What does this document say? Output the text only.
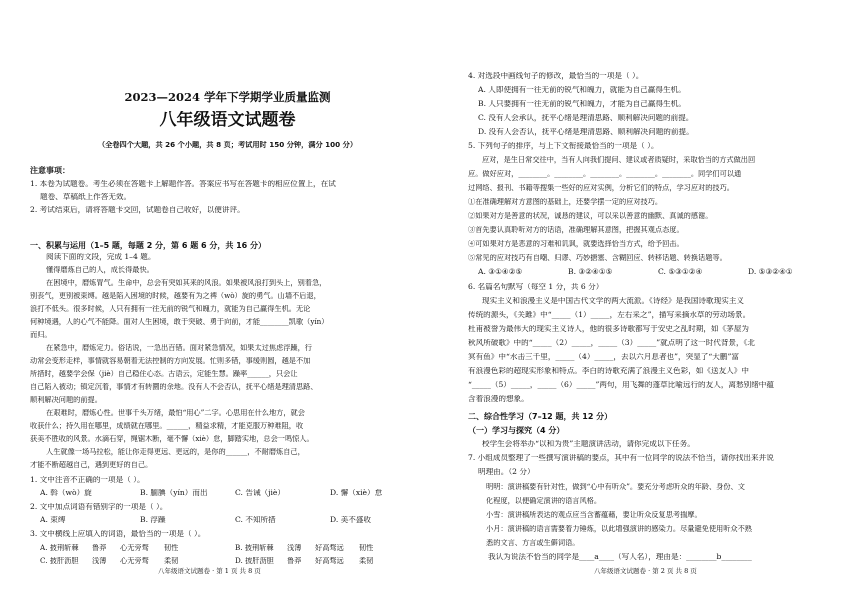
2023—2024 学年下学期学业质量监测
八年级语文试题卷
（全卷四个大题，共 26 个小题，共 8 页；考试用时 150 分钟，满分 100 分）
注意事项：
1. 本卷为试题卷。考生必须在答题卡上解题作答。答案应书写在答题卡的相应位置上，在试
题卷、草稿纸上作答无效。
2. 考试结束后，请将答题卡交回，试题卷自己收好，以便讲评。
一、积累与运用（1–5 题，每题 2 分，第 6 题 6 分，共 16 分）
阅读下面的文段，完成 1–4 题。
懂得磨炼自己的人，成长得最快。
在困境中，磨炼胃气。生命中，总会有突如其来的风浪。如果被风浪打到头上，别着急，
别丧气，更别被束缚。越是陷入困境的时候，越要有为之裨（wò）旋的勇气。山墙不后退，
浪打不低头。很多时候，人只有拥有一往无前的锐气和魄力，就能为自己赢得生机。无论
何种境遇，人的心气不能降。面对人生困境，敢于突破、勇于向前，才能________凯歌（yín）
而归。
在紧急中，磨炼定力。俗话说，一急出百错。面对紧急情况，如果太过焦虑浮躁，行
动常会变形走样，事情就容易朝着无法控制的方向发展。忙则多错，事缓则圆，越是不加
所措时，越要学会保（jiè）自己稳住心态。古语云，定能生慧。躁率______，只会让
自己陷入被动；镇定沉着，事情才有转圜的余地。没有人不会否认，抚平心绪是理清思路、
顺利解决问题的前提。
在艰难时，磨炼心性。世事千头万绪，最怕“用心”二字。心思用在什么地方，就会
收获什么；持久用在哪里，成绩就在哪里。______，精益求精，才能克服万种难阻，收
获美不胜收的风景。水滴石穿，绳锯木断，毫不懈（xiè）怠，脚踏实地，总会一鸣惊人。
人生就像一场马拉松，能让你走得更远、更远的，是你的______，不耐磨炼自己，
才能不断超越自己，遇到更好的自己。
1. 文中注音不正确的一项是（ ）。
A. 斡（wò）旋	B. 腼腆（yín）而出	C. 告诫（jiè）	D. 懈（xiè）怠
2. 文中加点词语有错别字的一项是（ ）。
A. 束缚	B. 浮躁	C. 不知所措	D. 美不盛收
3. 文中横线上应填入的词语，最恰当的一项是（ ）。
A. 披荆斩棘 鲁莽 心无旁骛 韧性	B. 披荆斩棘 浅薄 好高骛远 韧性
C. 披肝沥胆 浅薄 心无旁骛 柔韧	D. 披肝沥胆 鲁莽 好高骛远 柔韧
八年级语文试题卷 · 第 1 页 共 8 页
4. 对选段中画线句子的修改，最恰当的一项是（ ）。
A. 人即使拥有一往无前的锐气和魄力，就能为自己赢得生机。
B. 人只要拥有一往无前的锐气和魄力，才能为自己赢得生机。
C. 没有人会承认，抚平心绪是理清思路、顺利解决问题的前提。
D. 没有人会否认，抚平心绪是理清思路、顺利解决问题的前提。
5. 下列句子的排序，与上下文衔接最恰当的一项是（ ）。
应对，是生日常交往中，当有人向我们提问、建议或者质疑时，采取恰当的方式做出回
应。做好应对，________。________。________。________。________。同学们可以通
过网络、报刊、书籍等搜集一些好的应对实例，分析它们的特点，学习应对的技巧。
①在准确理解对方意图的基础上，还要学摆一定的应对技巧。
②如果对方是善意的状况，诚恳的建议，可以采以善意的幽默、真诚的感谢。
③首先要认真聆听对方的话语，准确理解其意图，把握其观点态度。
④可如果对方是恶意的习难和讥讽，就要选择恰当方式，给予回击。
⑤常见的应对技巧有自嘲、归谬、巧妙搪塞、含糊回应、转移话题、转换话题等。
A. ③①④②⑤	B. ③②④①⑤	C. ⑤③①②④	D. ⑤③②④①
6. 名篇名句默写（每空 1 分，共 6 分）
现实主义和浪漫主义是中国古代文学的两大流派。《诗经》是我国诗歌现实主义
传统的源头，《关雎》中“_____（1）_____，左右采之”，描写采摘水草的劳动场景。
杜甫被誉为最伟大的现实主义诗人，他的很多诗歌都写于安史之乱时期，如《茅屋为
秋风所破歌》中的“_____（2）_____，_____（3）_____”就点明了这一时代背景，《北
冥有鱼》中“水击三千里，_____（4）_____，去以六月息者也”，突显了“大鹏”富
有浪漫色彩的超现实形象和特点。李白的诗歌充满了浪漫主义色彩，如《送友人》中
“_____（5）_____，_____（6）_____”两句，用飞舞的蓬草比喻远行的友人，离愁别绪中蕴
含着浪漫的想象。
二、综合性学习（7–12 题，共 12 分）
（一）学习与探究（4 分）
校学生会将举办“以和为贵”主题演讲活动，请你完成以下任务。
7. 小组成员整理了一些撰写演讲稿的要点，其中有一位同学的说法不恰当，请你找出来并说
明理由。（2 分）
明明：演讲稿要有针对性，做到“心中有听众”。要充分考虑听众的年龄、身份、文
化程度，以便确定演讲的语言风格。
小雪：演讲稿所表达的观点应当含蓄蕴藉，要让听众反复思考揣摩。
小月：演讲稿的语言需要着力锤炼，以此增强演讲的感染力。尽量避免使用听众不熟
悉的文言、方言或生僻词语。
我认为说法不恰当的同学是____a____（写人名），理由是：________b________
八年级语文试题卷 · 第 2 页 共 8 页
